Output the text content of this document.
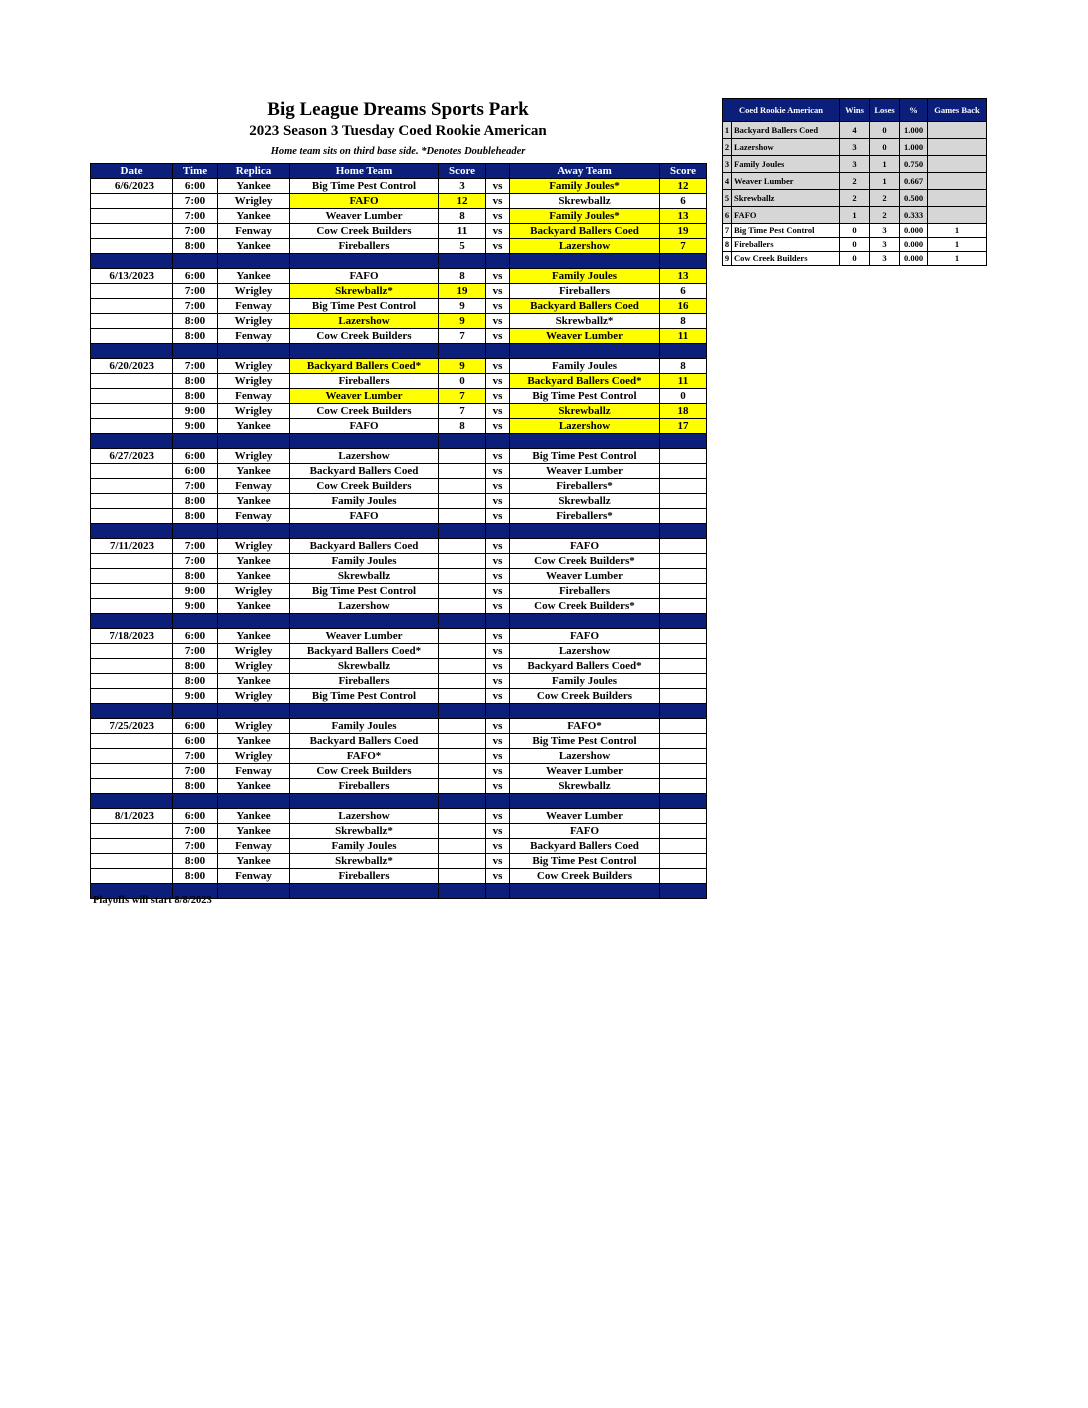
Big League Dreams Sports Park
2023 Season 3 Tuesday Coed Rookie American
Home team sits on third base side. *Denotes Doubleheader
Date	Time	Replica	Home Team	Score		Away Team	Score
6/6/2023	6:00	Yankee	Big Time Pest Control	3	vs	Family Joules*	12
	7:00	Wrigley	FAFO	12	vs	Skrewballz	6
	7:00	Yankee	Weaver Lumber	8	vs	Family Joules*	13
	7:00	Fenway	Cow Creek Builders	11	vs	Backyard Ballers Coed	19
	8:00	Yankee	Fireballers	5	vs	Lazershow	7

6/13/2023	6:00	Yankee	FAFO	8	vs	Family Joules	13
	7:00	Wrigley	Skrewballz*	19	vs	Fireballers	6
	7:00	Fenway	Big Time Pest Control	9	vs	Backyard Ballers Coed	16
	8:00	Wrigley	Lazershow	9	vs	Skrewballz*	8
	8:00	Fenway	Cow Creek Builders	7	vs	Weaver Lumber	11

6/20/2023	7:00	Wrigley	Backyard Ballers Coed*	9	vs	Family Joules	8
	8:00	Wrigley	Fireballers	0	vs	Backyard Ballers Coed*	11
	8:00	Fenway	Weaver Lumber	7	vs	Big Time Pest Control	0
	9:00	Wrigley	Cow Creek Builders	7	vs	Skrewballz	18
	9:00	Yankee	FAFO	8	vs	Lazershow	17

6/27/2023	6:00	Wrigley	Lazershow		vs	Big Time Pest Control	
	6:00	Yankee	Backyard Ballers Coed		vs	Weaver Lumber	
	7:00	Fenway	Cow Creek Builders		vs	Fireballers*	
	8:00	Yankee	Family Joules		vs	Skrewballz	
	8:00	Fenway	FAFO		vs	Fireballers*	

7/11/2023	7:00	Wrigley	Backyard Ballers Coed		vs	FAFO	
	7:00	Yankee	Family Joules		vs	Cow Creek Builders*	
	8:00	Yankee	Skrewballz		vs	Weaver Lumber	
	9:00	Wrigley	Big Time Pest Control		vs	Fireballers	
	9:00	Yankee	Lazershow		vs	Cow Creek Builders*	

7/18/2023	6:00	Yankee	Weaver Lumber		vs	FAFO	
	7:00	Wrigley	Backyard Ballers Coed*		vs	Lazershow	
	8:00	Wrigley	Skrewballz		vs	Backyard Ballers Coed*	
	8:00	Yankee	Fireballers		vs	Family Joules	
	9:00	Wrigley	Big Time Pest Control		vs	Cow Creek Builders	

7/25/2023	6:00	Wrigley	Family Joules		vs	FAFO*	
	6:00	Yankee	Backyard Ballers Coed		vs	Big Time Pest Control	
	7:00	Wrigley	FAFO*		vs	Lazershow	
	7:00	Fenway	Cow Creek Builders		vs	Weaver Lumber	
	8:00	Yankee	Fireballers		vs	Skrewballz	

8/1/2023	6:00	Yankee	Lazershow		vs	Weaver Lumber	
	7:00	Yankee	Skrewballz*		vs	FAFO	
	7:00	Fenway	Family Joules		vs	Backyard Ballers Coed	
	8:00	Yankee	Skrewballz*		vs	Big Time Pest Control	
	8:00	Fenway	Fireballers		vs	Cow Creek Builders	

Playoffs will start 8/8/2023
Coed Rookie American		Wins	Loses	%	Games Back
1	Backyard Ballers Coed	4	0	1.000	
2	Lazershow	3	0	1.000	
3	Family Joules	3	1	0.750	
4	Weaver Lumber	2	1	0.667	
5	Skrewballz	2	2	0.500	
6	FAFO	1	2	0.333	
7	Big Time Pest Control	0	3	0.000	1
8	Fireballers	0	3	0.000	1
9	Cow Creek Builders	0	3	0.000	1
